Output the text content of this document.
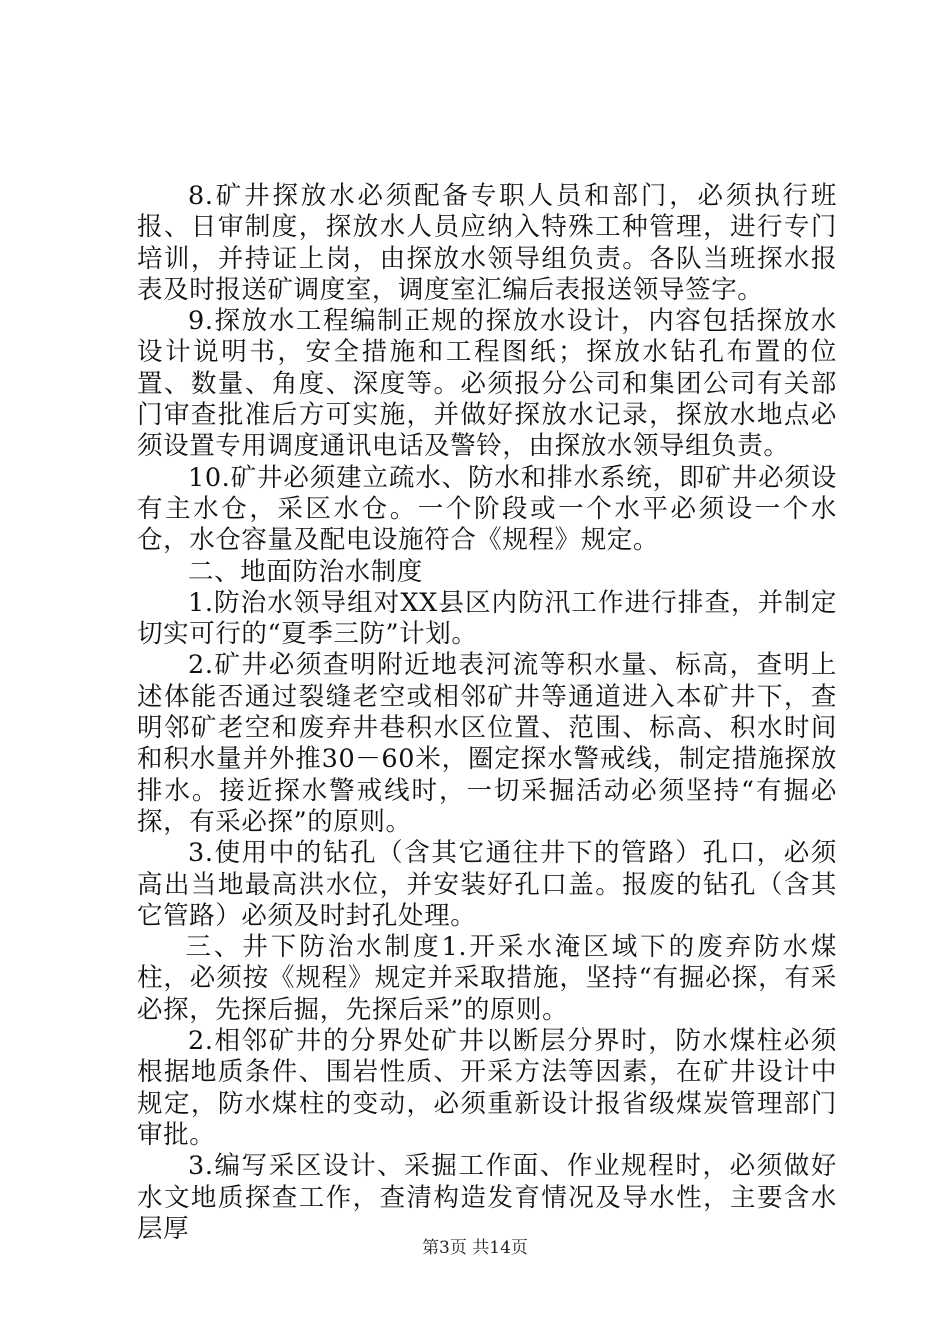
8.矿井探放水必须配备专职人员和部门，必须执行班报、日审制度，探放水人员应纳入特殊工种管理，进行专门培训，并持证上岗，由探放水领导组负责。各队当班探水报表及时报送矿调度室，调度室汇编后表报送领导签字。

9.探放水工程编制正规的探放水设计，内容包括探放水设计说明书，安全措施和工程图纸；探放水钻孔布置的位置、数量、角度、深度等。必须报分公司和集团公司有关部门审查批准后方可实施，并做好探放水记录，探放水地点必须设置专用调度通讯电话及警铃，由探放水领导组负责。

10.矿井必须建立疏水、防水和排水系统，即矿井必须设有主水仓，采区水仓。一个阶段或一个水平必须设一个水仓，水仓容量及配电设施符合《规程》规定。

二、地面防治水制度

1.防治水领导组对XX县区内防汛工作进行排查，并制定切实可行的“夏季三防”计划。

2.矿井必须查明附近地表河流等积水量、标高，查明上述体能否通过裂缝老空或相邻矿井等通道进入本矿井下，查明邻矿老空和废弃井巷积水区位置、范围、标高、积水时间和积水量并外推30－60米，圈定探水警戒线，制定措施探放排水。接近探水警戒线时，一切采掘活动必须坚持“有掘必探，有采必探”的原则。

3.使用中的钻孔（含其它通往井下的管路）孔口，必须高出当地最高洪水位，并安装好孔口盖。报废的钻孔（含其它管路）必须及时封孔处理。

三、井下防治水制度1.开采水淹区域下的废弃防水煤柱，必须按《规程》规定并采取措施，坚持“有掘必探，有采必探，先探后掘，先探后采”的原则。

2.相邻矿井的分界处矿井以断层分界时，防水煤柱必须根据地质条件、围岩性质、开采方法等因素，在矿井设计中规定，防水煤柱的变动，必须重新设计报省级煤炭管理部门审批。

3.编写采区设计、采掘工作面、作业规程时，必须做好水文地质探查工作，查清构造发育情况及导水性，主要含水层厚

第3页 共14页
